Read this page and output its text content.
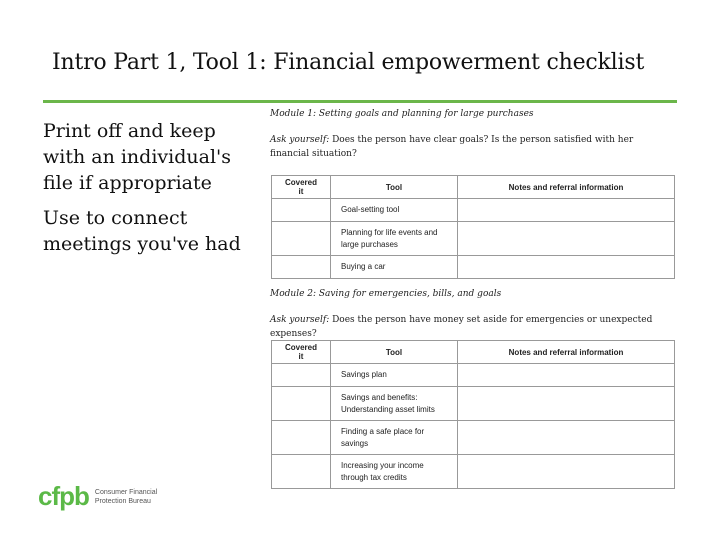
Intro Part 1, Tool 1: Financial empowerment checklist
Print off and keep with an individual's file if appropriate
Use to connect meetings you've had
Module 1: Setting goals and planning for large purchases
Ask yourself: Does the person have clear goals? Is the person satisfied with her financial situation?
Covered it	Tool	Notes and referral information
	Goal-setting tool	
	Planning for life events and large purchases	
	Buying a car	
Module 2: Saving for emergencies, bills, and goals
Ask yourself: Does the person have money set aside for emergencies or unexpected expenses?
Covered it	Tool	Notes and referral information
	Savings plan	
	Savings and benefits: Understanding asset limits	
	Finding a safe place for savings	
	Increasing your income through tax credits	
cfpb Consumer Financial Protection Bureau
